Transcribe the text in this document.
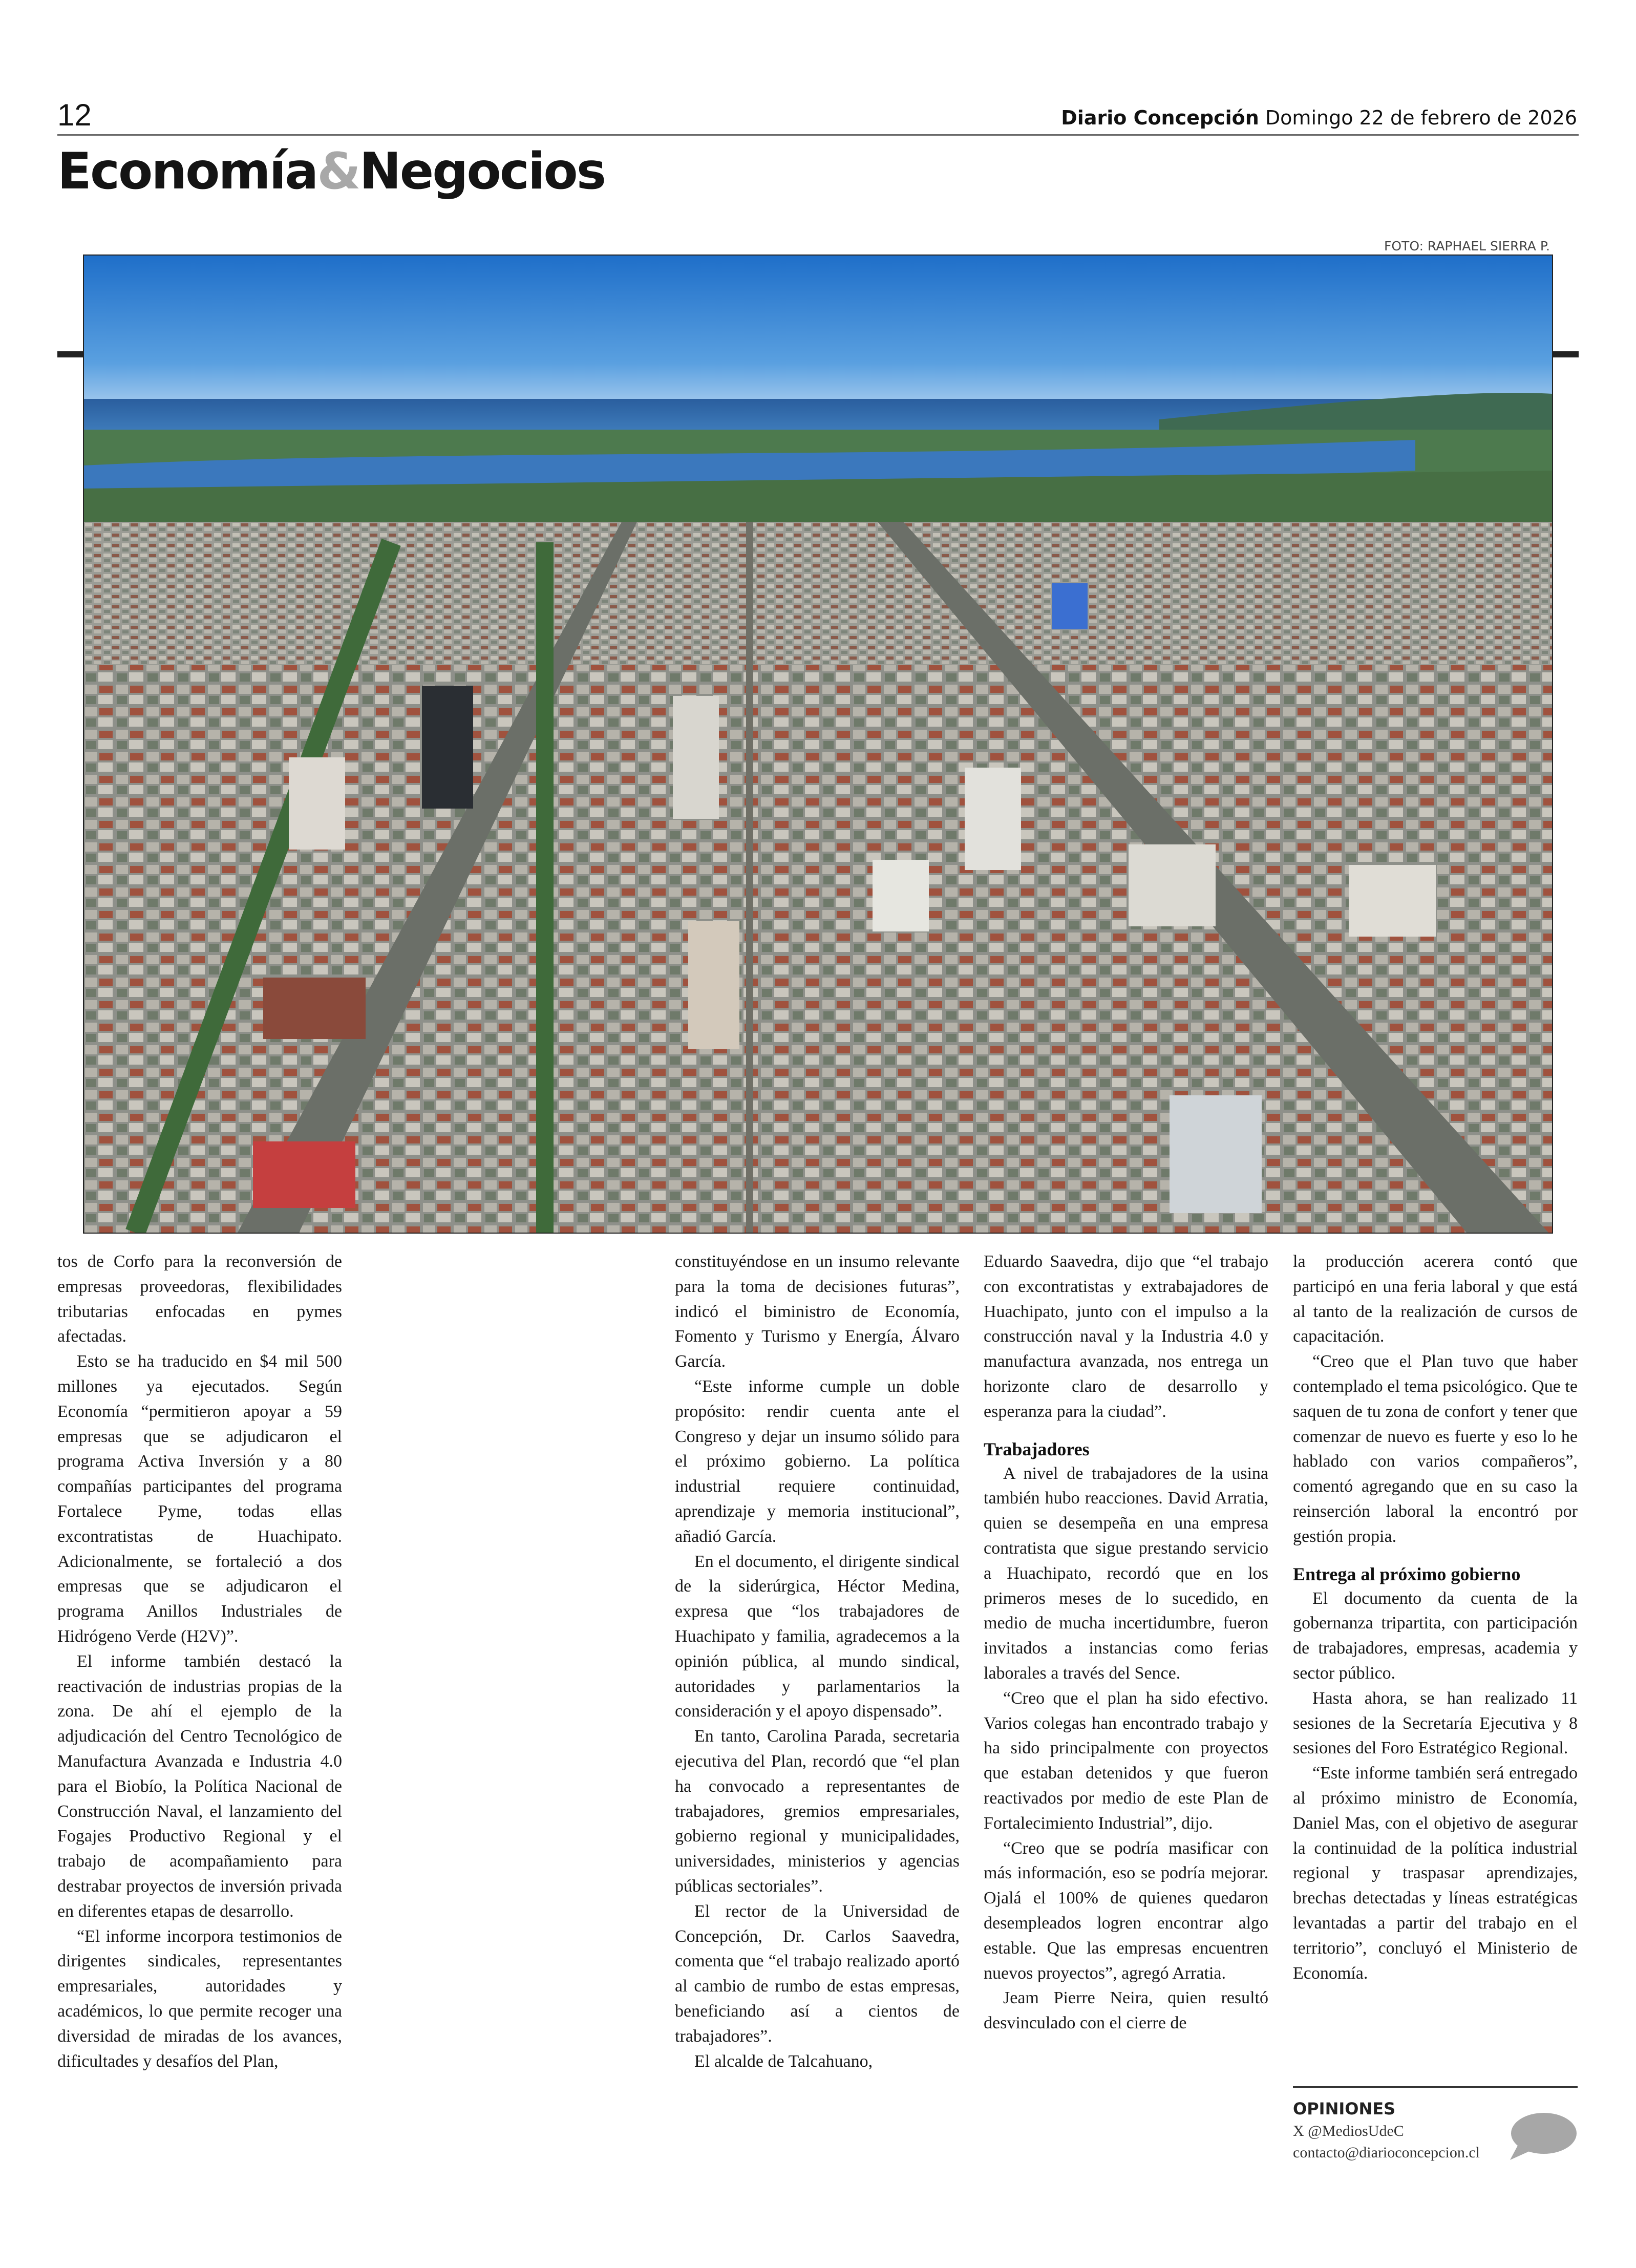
12	Diario Concepción Domingo 22 de febrero de 2026
Economía&Negocios
FOTO: RAPHAEL SIERRA P.

tos de Corfo para la reconversión de empresas proveedoras, flexibilidades tributarias enfocadas en pymes afectadas.

Esto se ha traducido en $4 mil 500 millones ya ejecutados. Según Economía “permitieron apoyar a 59 empresas que se adjudicaron el programa Activa Inversión y a 80 compañías participantes del programa Fortalece Pyme, todas ellas excontratistas de Huachipato. Adicionalmente, se fortaleció a dos empresas que se adjudicaron el programa Anillos Industriales de Hidrógeno Verde (H2V)”.

El informe también destacó la reactivación de industrias propias de la zona. De ahí el ejemplo de la adjudicación del Centro Tecnológico de Manufactura Avanzada e Industria 4.0 para el Biobío, la Política Nacional de Construcción Naval, el lanzamiento del Fogajes Productivo Regional y el trabajo de acompañamiento para destrabar proyectos de inversión privada en diferentes etapas de desarrollo.

“El informe incorpora testimonios de dirigentes sindicales, representantes empresariales, autoridades y académicos, lo que permite recoger una diversidad de miradas de los avances, dificultades y desafíos del Plan,

constituyéndose en un insumo relevante para la toma de decisiones futuras”, indicó el biministro de Economía, Fomento y Turismo y Energía, Álvaro García.

“Este informe cumple un doble propósito: rendir cuenta ante el Congreso y dejar un insumo sólido para el próximo gobierno. La política industrial requiere continuidad, aprendizaje y memoria institucional”, añadió García.

En el documento, el dirigente sindical de la siderúrgica, Héctor Medina, expresa que “los trabajadores de Huachipato y familia, agradecemos a la opinión pública, al mundo sindical, autoridades y parlamentarios la consideración y el apoyo dispensado”.

En tanto, Carolina Parada, secretaria ejecutiva del Plan, recordó que “el plan ha convocado a representantes de trabajadores, gremios empresariales, gobierno regional y municipalidades, universidades, ministerios y agencias públicas sectoriales”.

El rector de la Universidad de Concepción, Dr. Carlos Saavedra, comenta que “el trabajo realizado aportó al cambio de rumbo de estas empresas, beneficiando así a cientos de trabajadores”.

El alcalde de Talcahuano,

Eduardo Saavedra, dijo que “el trabajo con excontratistas y extrabajadores de Huachipato, junto con el impulso a la construcción naval y la Industria 4.0 y manufactura avanzada, nos entrega un horizonte claro de desarrollo y esperanza para la ciudad”.

Trabajadores

A nivel de trabajadores de la usina también hubo reacciones. David Arratia, quien se desempeña en una empresa contratista que sigue prestando servicio a Huachipato, recordó que en los primeros meses de lo sucedido, en medio de mucha incertidumbre, fueron invitados a instancias como ferias laborales a través del Sence.

“Creo que el plan ha sido efectivo. Varios colegas han encontrado trabajo y ha sido principalmente con proyectos que estaban detenidos y que fueron reactivados por medio de este Plan de Fortalecimiento Industrial”, dijo.

“Creo que se podría masificar con más información, eso se podría mejorar. Ojalá el 100% de quienes quedaron desempleados logren encontrar algo estable. Que las empresas encuentren nuevos proyectos”, agregó Arratia.

Jeam Pierre Neira, quien resultó desvinculado con el cierre de

la producción acerera contó que participó en una feria laboral y que está al tanto de la realización de cursos de capacitación.

“Creo que el Plan tuvo que haber contemplado el tema psicológico. Que te saquen de tu zona de confort y tener que comenzar de nuevo es fuerte y eso lo he hablado con varios compañeros”, comentó agregando que en su caso la reinserción laboral la encontró por gestión propia.

Entrega al próximo gobierno

El documento da cuenta de la gobernanza tripartita, con participación de trabajadores, empresas, academia y sector público.

Hasta ahora, se han realizado 11 sesiones de la Secretaría Ejecutiva y 8 sesiones del Foro Estratégico Regional.

“Este informe también será entregado al próximo ministro de Economía, Daniel Mas, con el objetivo de asegurar la continuidad de la política industrial regional y traspasar aprendizajes, brechas detectadas y líneas estratégicas levantadas a partir del trabajo en el territorio”, concluyó el Ministerio de Economía.

OPINIONES
X @MediosUdeC
contacto@diarioconcepcion.cl
